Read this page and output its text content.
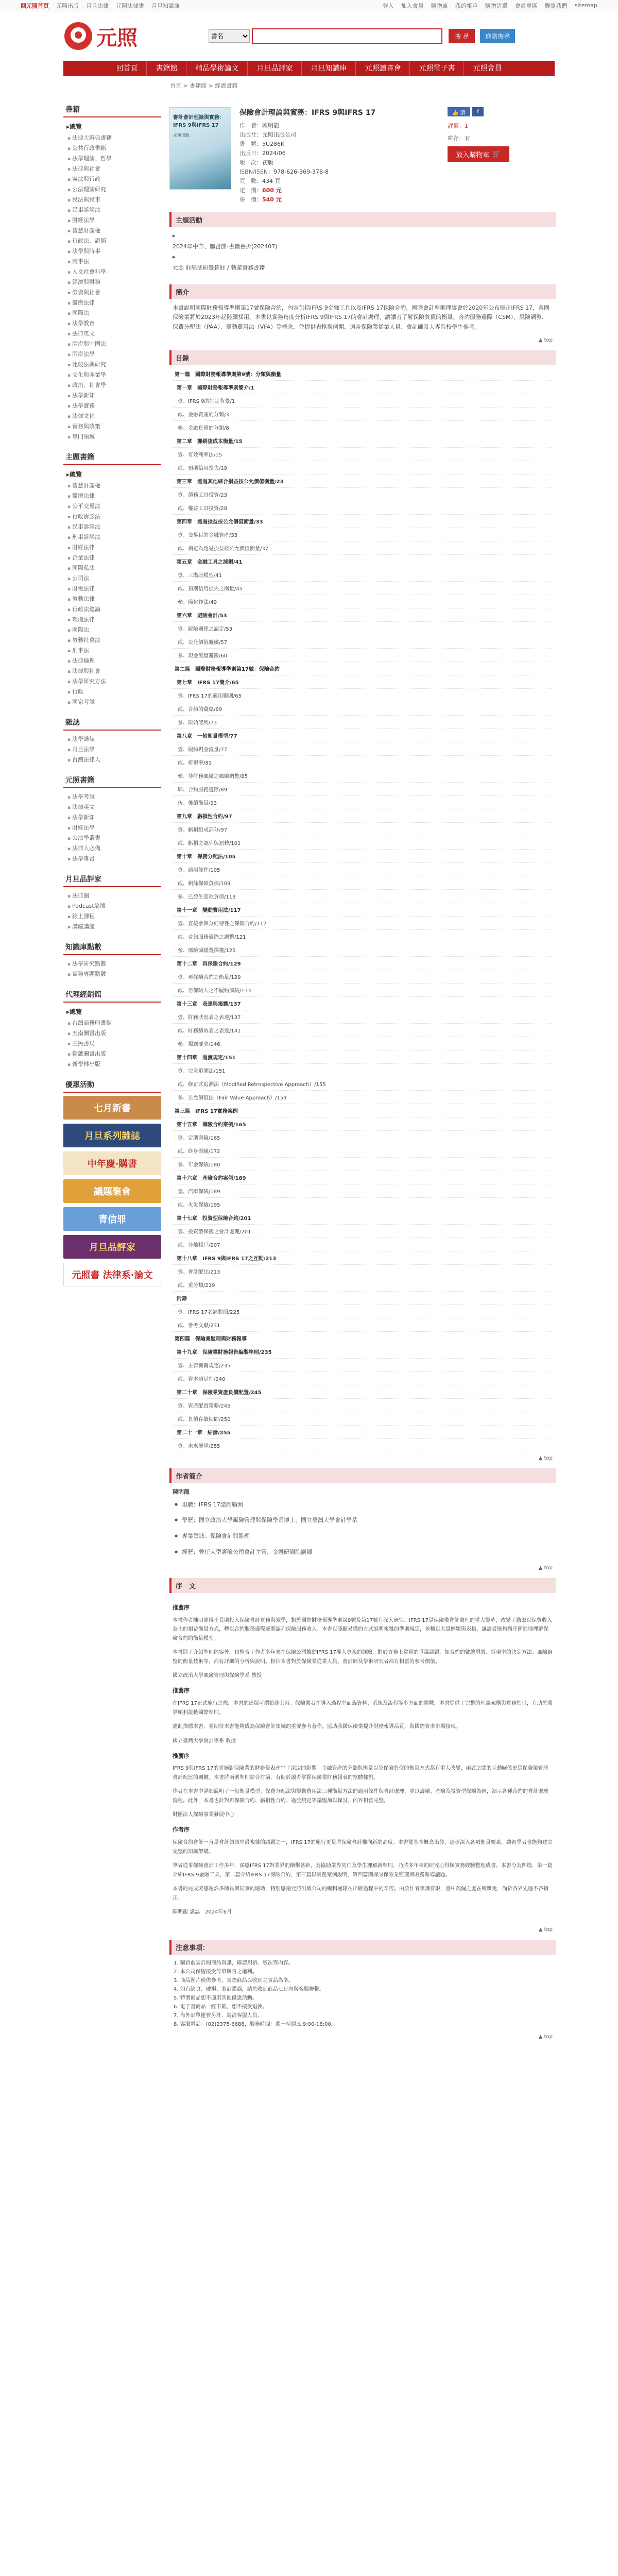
回元照首頁 元照出版 月旦法律 元照法律書 月旦知識庫	登入 加入會員 購物車 我的帳戶 購物清單 會員專區 聯絡我們 sitemap
元照
書名	搜 尋	進階搜尋
回首頁	書籍館	精品學術論文	月旦品評家	月旦知識庫	元照讀書會	元照電子書	元照會員
首頁 > 書籍館 > 經濟書籍
書籍
▸總覽
▪ 法律大辭典書籍
▪ 公共行政書籍
▪ 法學理論、哲學
▪ 法律與社會
▪ 憲法與行政
▪ 公法理論研究
▪ 民法與民事
▪ 民事訴訟法
▪ 財經法學
▪ 智慧財產權
▪ 行政法、證照
▪ 法學與時事
▪ 商事法
▪ 人文社會科學
▪ 經濟與財務
▪ 勞資與社會
▪ 醫療法律
▪ 國際法
▪ 法學教育
▪ 法律英文
▪ 兩岸與中國法
▪ 兩岸法學
▪ 比較法與研究
▪ 文化與產業學
▪ 政治、社會學
▪ 法學新知
▪ 法學實務
▪ 法律文化
▪ 實務與政策
▪ 專門領域
主題書籍
▸總覽
▪ 智慧財產權
▪ 醫療法律
▪ 公平交易法
▪ 行政訴訟法
▪ 民事訴訟法
▪ 刑事訴訟法
▪ 財經法律
▪ 企業法律
▪ 國際私法
▪ 公司法
▪ 財稅法律
▪ 勞動法律
▪ 行政法總論
▪ 環境法律
▪ 國際法
▪ 勞動社會法
▪ 刑事法
▪ 法律倫理
▪ 法律與社會
▪ 法學研究方法
▪ 行政
▪ 國家考試
雜誌
▪ 法學雜誌
▪ 月旦法學
▪ 台灣法律人
元照書籍
▪ 法學考試
▪ 法律英文
▪ 法學新知
▪ 財經法學
▪ 公法學叢書
▪ 法律人必備
▪ 法學專書
月旦品評家
▪ 法律圈
▪ Podcast論壇
▪ 線上課程
▪ 講座講座
知識庫點數
▪ 法學研究點數
▪ 實務專題點數
代理經銷館
▸總覽
▪ 台灣商務印書館
▪ 五南圖書出版
▪ 三民書局
▪ 翰蘆圖書出版
▪ 新學林出版
優惠活動
七月新書
月旦系列雜誌
中年慶‧購書
議題聚會
青信罪
月旦品評家
元照書 法律系·論文
審計會計理論與實務：IFRS 9與IFRS 17
元照出版
保險會計理論與實務：IFRS 9與IFRS 17
作　者：陳明龍
出版社：元照出版公司
書　號：5U286K
出版日：2024/06
版　次：初版
ISBN/ISSN：978-626-369-378-8
頁　數：434 頁
定　價：600 元
售　價：540 元
👍 讚	f
評價：1
庫存：有
放入購物車 🛒
主題活動
▸
2024年中華、購書節-書籍會折(202407)
▸
元照 財經法研暨智財 / 執產實務書籍
簡介
本書說明國際財務報導準則第17號保險合約，內容包括IFRS 9金融工具以及IFRS 17保險合約，國際會計準則理事會於2020年公布修正IFRS 17，各國保險業將於2023年起陸續採用。本書以實務角度分析IFRS 9與IFRS 17的會計處理，讓讀者了解保險負債的衡量、合約服務邊際（CSM）、風險調整、保費分配法（PAA）、變動費用法（VFA）等概念，並提供表格與例題，適合保險業從業人員、會計師及大專院校學生參考。
▲ top
目錄
第一篇　國際財務報導準則第9號：分類與衡量
第一章　國際財務報導準則簡介/1
壹、IFRS 9的制定背景/1
貳、金融資產的分類/3
參、金融負債的分類/8
第二章　攤銷後成本衡量/15
壹、有效利率法/15
貳、預期信用損失/19
第三章　透過其他綜合損益按公允價值衡量/23
壹、債務工具投資/23
貳、權益工具投資/28
第四章　透過損益按公允價值衡量/33
壹、交易目的金融資產/33
貳、指定為透過損益按公允價值衡量/37
第五章　金融工具之減損/41
壹、三階段模型/41
貳、預期信用損失之衡量/45
參、簡化作法/49
第六章　避險會計/53
壹、避險關係之認定/53
貳、公允價值避險/57
參、現金流量避險/60
第二篇　國際財務報導準則第17號：保險合約
第七章　IFRS 17簡介/65
壹、IFRS 17的適用範圍/65
貳、合約的彙總/69
參、原始認列/73
第八章　一般衡量模型/77
壹、履約現金流量/77
貳、折現率/81
參、非財務風險之風險調整/85
肆、合約服務邊際/89
伍、後續衡量/93
第九章　虧損性合約/97
壹、虧損組成部分/97
貳、虧損之認列與迴轉/101
第十章　保費分配法/105
壹、適用條件/105
貳、剩餘保障負債/109
參、已發生賠款負債/113
第十一章　變動費用法/117
壹、直接參與分紅特性之保險合約/117
貳、合約服務邊際之調整/121
參、風險減緩選擇權/125
第十二章　再保險合約/129
壹、再保險合約之衡量/129
貳、再保險人之不履約風險/133
第十三章　表達與揭露/137
壹、財務狀況表之表達/137
貳、財務績效表之表達/141
參、揭露要求/146
第十四章　過渡規定/151
壹、完全追溯法/151
貳、修正式追溯法（Modified Retrospective Approach）/155
參、公允價值法（Fair Value Approach）/159
第三篇　IFRS 17實務案例
第十五章　壽險合約案例/165
壹、定期壽險/165
貳、終身壽險/172
參、年金保險/180
第十六章　產險合約案例/189
壹、汽車保險/189
貳、火災保險/195
第十七章　投資型保險合約/201
壹、投資型保險之會計處理/201
貳、分離帳戶/207
第十八章　IFRS 9與IFRS 17之互動/213
壹、會計配比/213
貳、重分類/219
附錄　
壹、IFRS 17名詞對照/225
貳、參考文獻/231
第四篇　保險業監理與財務報導
第十九章　保險業財務報告編製準則/235
壹、主管機關規定/235
貳、資本適足性/240
第二十章　保險業資產負債配置/245
壹、資產配置策略/245
貳、負債存續期間/250
第二十一章　結論/255
壹、未來展望/255
▲ top
作者簡介
陳明龍
● 現職：IFRS 17諮詢顧問
● 學歷：國立政治大學風險管理與保險學系博士、國立臺灣大學會計學系
● 專業領域：保險會計與監理
● 經歷：曾任大型壽險公司會計主管、金融研訓院講師
▲ top
序　文
推薦序

本書作者陳明龍博士長期投入保險會計實務與教學，對於國際財務報導準則第9號及第17號有深入研究。IFRS 17是保險業會計處理的重大變革，改變了過去以保費收入為主的損益衡量方式，轉以合約服務邊際逐期認列保險服務收入。本書以淺顯易懂的方式說明複雜的準則規定，並輔以大量例題與表格，讓讀者能夠循序漸進地理解保險合約的衡量模型。

本書除了介紹準則內容外，也整合了作者多年來在保險公司推動IFRS 17導入專案的經驗，對於實務上常見的爭議議題，如合約的彙總層級、折現率的決定方法、風險調整的衡量技術等，都有詳細的分析與說明。相信本書對於保險業從業人員、會計師及學術研究者都有相當的參考價值。

國立政治大學風險管理與保險學系 教授
推薦序

在IFRS 17正式施行之際，本書的出版可謂恰逢其時。保險業者在導入過程中面臨資料、系統及流程等多方面的挑戰，本書提供了完整的理論架構與實務指引，有助於業界順利接軌國際準則。

謹此推薦本書，並期待本書能夠成為保險會計領域的重要參考著作，協助我國保險業提升財務報導品質，與國際資本市場接軌。

國立臺灣大學會計學系 教授
推薦序

IFRS 9與IFRS 17的實施對保險業的財務報表產生了深遠的影響。金融資產的分類與衡量以及保險負債的衡量方式都有重大改變，兩者之間的互動關係更是保險業管理會計配比的關鍵。本書將兩號準則結合討論，有助於讀者掌握保險業財務報表的整體樣貌。

作者在本書中詳細說明了一般衡量模型、保費分配法與變動費用法三種衡量方法的適用條件與會計處理，並以壽險、產險及投資型保險為例，演示各種合約的會計處理流程。此外，本書也針對再保險合約、虧損性合約、過渡規定等議題加以探討，內容相當完整。

財團法人保險事業發展中心
作者序

保險合約會計一直是會計領域中最複雜的議題之一，IFRS 17的施行更是將保險會計推向新的高度。本書從基本概念出發，逐步深入各項衡量要素，讓初學者也能夠建立完整的知識架構。

筆者從事保險會計工作多年，深感IFRS 17對業界的衝擊甚鉅。為協助業界同仁及學生理解新準則，乃將多年來的研究心得與實務經驗整理成書。本書分為四篇，第一篇介紹IFRS 9金融工具，第二篇介紹IFRS 17保險合約，第三篇以實務案例說明，第四篇則探討保險業監理與財務報導議題。

本書的完成要感謝許多師長與同事的協助，特別感謝元照出版公司的編輯團隊在出版過程中的辛勞。由於作者學識有限，書中疏漏之處在所難免，尚祈各界先進不吝指正。

陳明龍 謹誌　2024年6月
▲ top
注意事項：
1. 購買前請詳閱商品資訊，確認規格、版次等內容。
2. 本公司保留接受訂單與否之權利。
3. 商品圖片僅供參考，實際商品以收到之實品為準。
4. 如有缺頁、破損、裝訂錯誤，請於收到商品七日內與客服聯繫。
5. 特價商品恕不適用其他優惠活動。
6. 電子書商品一經下載，恕不接受退換。
7. 海外訂單運費另計，請洽客服人員。
8. 客服電話：(02)2375-6688，服務時間：週一至週五 9:00-18:00。
▲ top
